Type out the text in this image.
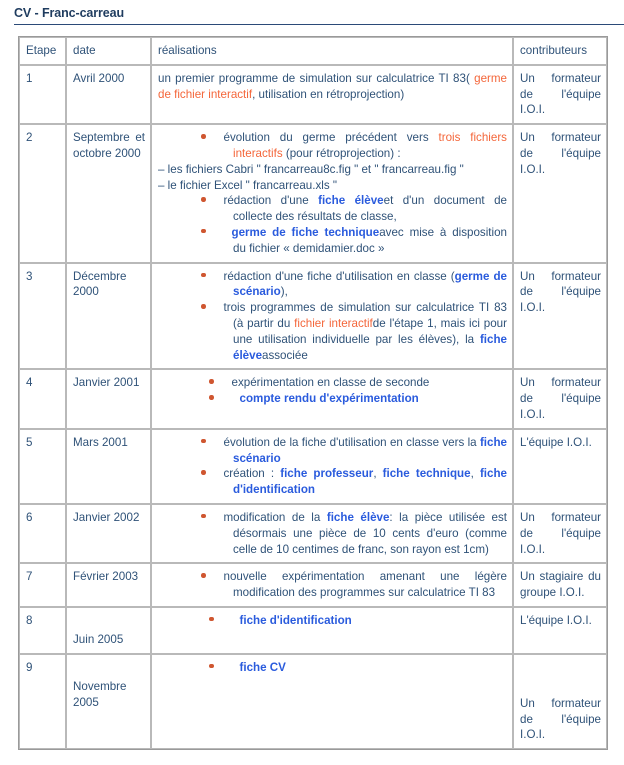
CV - Franc-carreau
Etape	date	réalisations	contributeurs
1	Avril 2000	un premier programme de simulation sur calculatrice TI 83( germe de fichier interactif, utilisation en rétroprojection)	Un formateur de l'équipe I.O.I.
2	Septembre et octobre 2000	évolution du germe précédent vers trois fichiers interactifs (pour rétroprojection) :

– les fichiers Cabri " francarreau8c.fig " et " francarreau.fig "

– le fichier Excel " francarreau.xls "

rédaction d'une fiche élèveet d'un document de collecte des résultats de classe,

germe de fiche techniqueavec mise à disposition du fichier « demidamier.doc »	Un formateur de l'équipe I.O.I.
3	Décembre 2000	rédaction d'une fiche d'utilisation en classe (germe de scénario),

trois programmes de simulation sur calculatrice TI 83 (à partir du fichier interactifde l'étape 1, mais ici pour une utilisation individuelle par les élèves), la fiche élèveassociée	Un formateur de l'équipe I.O.I.
4	Janvier 2001	expérimentation en classe de seconde

compte rendu d'expérimentation	Un formateur de l'équipe I.O.I.
5	Mars 2001	évolution de la fiche d'utilisation en classe vers la fiche scénario

création : fiche professeur, fiche technique, fiche d'identification	L'équipe I.O.I.
6	Janvier 2002	modification de la fiche élève: la pièce utilisée est désormais une pièce de 10 cents d'euro (comme celle de 10 centimes de franc, son rayon est 1cm)	Un formateur de l'équipe I.O.I.
7	Février 2003	nouvelle expérimentation amenant une légère modification des programmes sur calculatrice TI 83	Un stagiaire du groupe I.O.I.
8	Juin 2005	fiche d'identification	L'équipe I.O.I.
9	Novembre 2005	fiche CV	Un formateur de l'équipe I.O.I.
